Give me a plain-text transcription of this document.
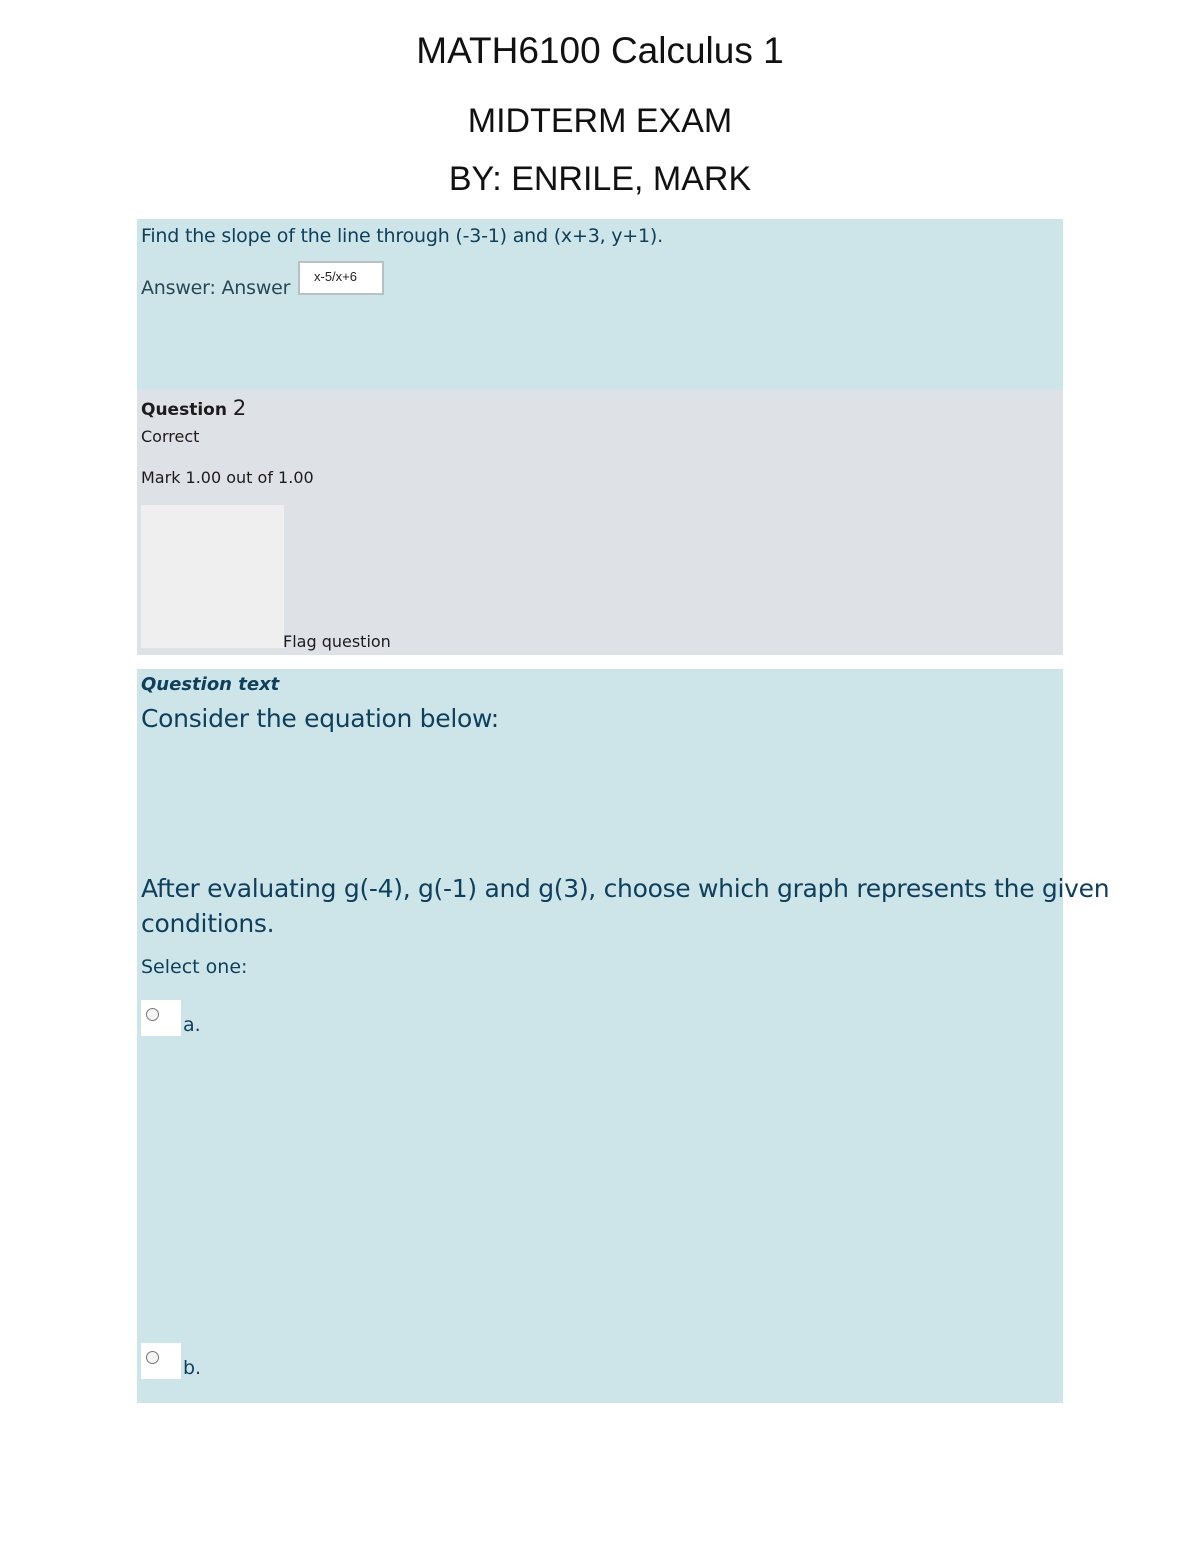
MATH6100 Calculus 1
MIDTERM EXAM
BY: ENRILE, MARK
Find the slope of the line through (-3-1) and (x+3, y+1).
Answer: Answer
x-5/x+6
Question 2
Correct
Mark 1.00 out of 1.00
Flag question
Question text
Consider the equation below:
After evaluating g(-4), g(-1) and g(3), choose which graph represents the given
conditions.
Select one:
a.
b.
